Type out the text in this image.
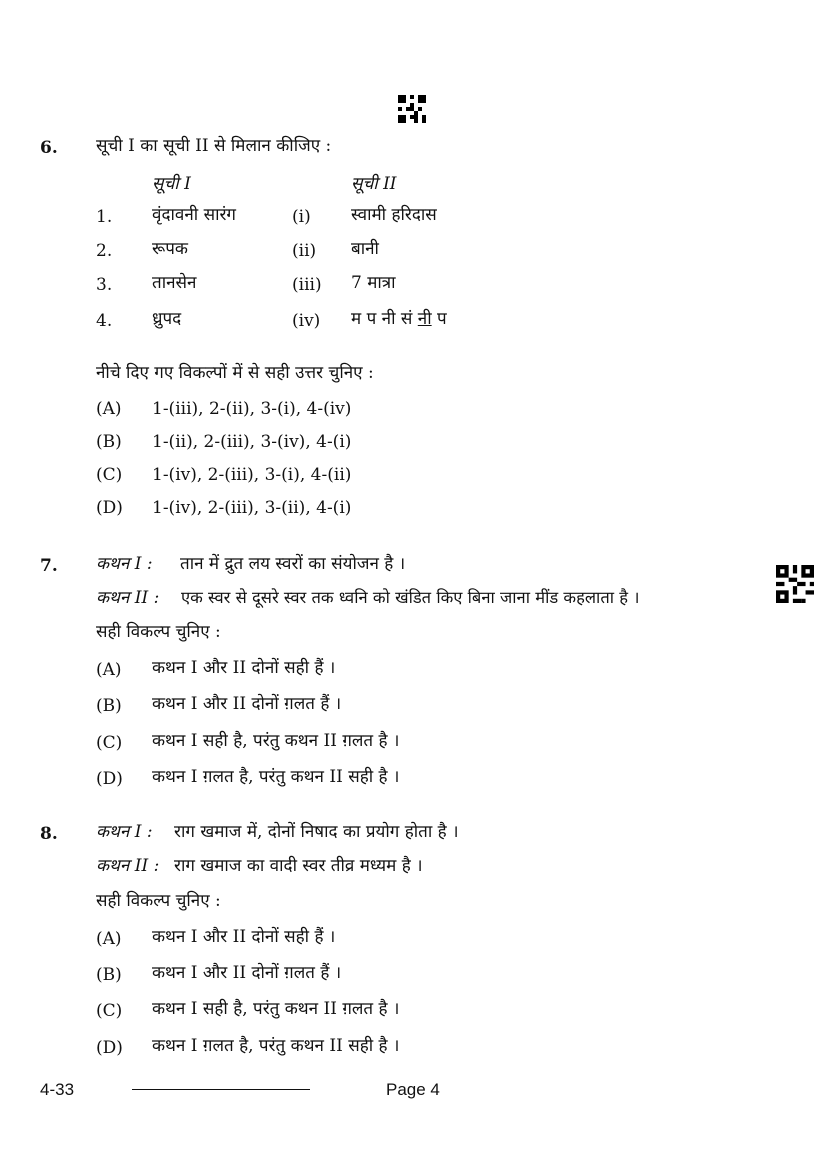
6. सूची I का सूची II से मिलान कीजिए :
सूची I	सूची II
1. वृंदावनी सारंग	(i) स्वामी हरिदास
2. रूपक	(ii) बानी
3. तानसेन	(iii) 7 मात्रा
4. ध्रुपद	(iv) म प नी सं नी प
नीचे दिए गए विकल्पों में से सही उत्तर चुनिए :
(A) 1-(iii), 2-(ii), 3-(i), 4-(iv)
(B) 1-(ii), 2-(iii), 3-(iv), 4-(i)
(C) 1-(iv), 2-(iii), 3-(i), 4-(ii)
(D) 1-(iv), 2-(iii), 3-(ii), 4-(i)
7. कथन I : तान में द्रुत लय स्वरों का संयोजन है ।
कथन II : एक स्वर से दूसरे स्वर तक ध्वनि को खंडित किए बिना जाना मींड कहलाता है ।
सही विकल्प चुनिए :
(A) कथन I और II दोनों सही हैं ।
(B) कथन I और II दोनों ग़लत हैं ।
(C) कथन I सही है, परंतु कथन II ग़लत है ।
(D) कथन I ग़लत है, परंतु कथन II सही है ।
8. कथन I : राग खमाज में, दोनों निषाद का प्रयोग होता है ।
कथन II : राग खमाज का वादी स्वर तीव्र मध्यम है ।
सही विकल्प चुनिए :
(A) कथन I और II दोनों सही हैं ।
(B) कथन I और II दोनों ग़लत हैं ।
(C) कथन I सही है, परंतु कथन II ग़लत है ।
(D) कथन I ग़लत है, परंतु कथन II सही है ।
4-33	Page 4
